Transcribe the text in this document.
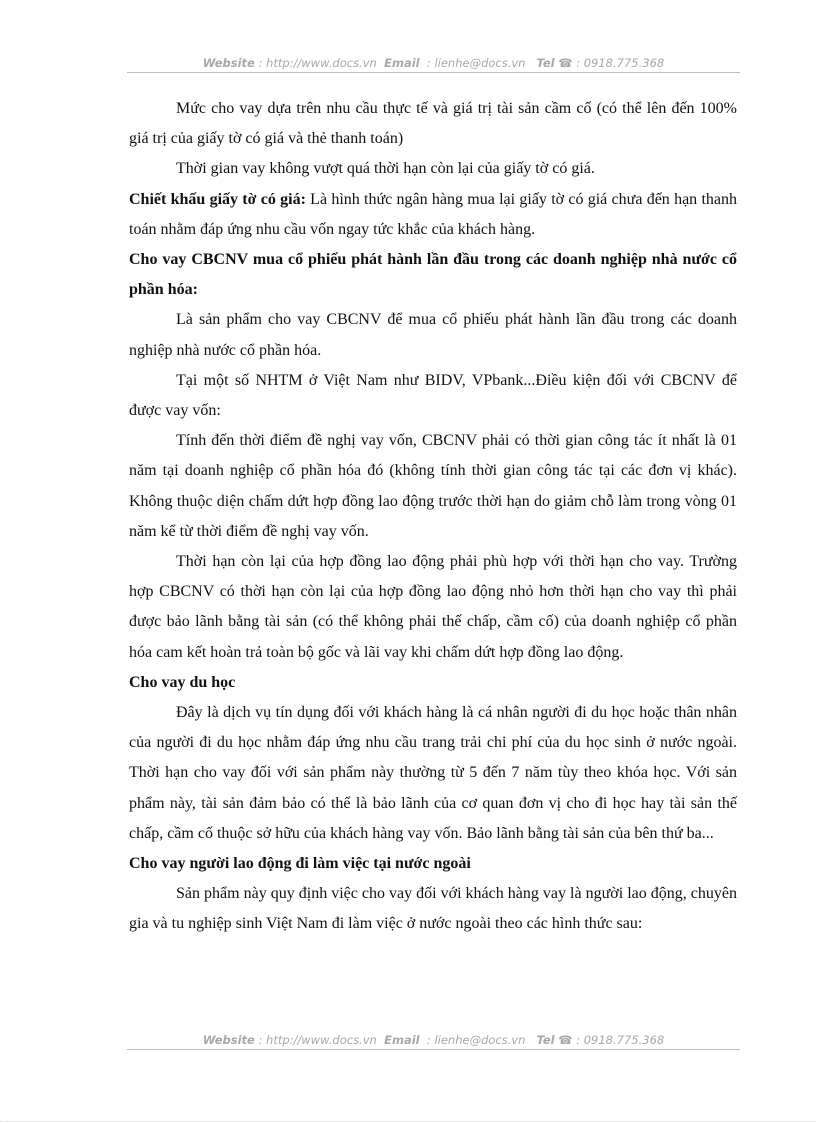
Website : http://www.docs.vn Email  : lienhe@docs.vn Tel ☎ : 0918.775.368

Mức cho vay dựa trên nhu cầu thực tế và giá trị tài sản cầm cố (có thể lên đến 100% giá trị của giấy tờ có giá và thẻ thanh toán)

Thời gian vay không vượt quá thời hạn còn lại của giấy tờ có giá.

Chiết khấu giấy tờ có giá: Là hình thức ngân hàng mua lại giấy tờ có giá chưa đến hạn thanh toán nhằm đáp ứng nhu cầu vốn ngay tức khắc của khách hàng.

Cho vay CBCNV mua cổ phiếu phát hành lần đầu trong các doanh nghiệp nhà nước cổ phần hóa:

Là sản phẩm cho vay CBCNV để mua cổ phiếu phát hành lần đầu trong các doanh nghiệp nhà nước cổ phần hóa.

Tại một số NHTM ở Việt Nam như BIDV, VPbank...Điều kiện đối với CBCNV để được vay vốn:

Tính đến thời điểm đề nghị vay vốn, CBCNV phải có thời gian công tác ít nhất là 01 năm tại doanh nghiệp cổ phần hóa đó (không tính thời gian công tác tại các đơn vị khác). Không thuộc diện chấm dứt hợp đồng lao động trước thời hạn do giảm chỗ làm trong vòng 01 năm kể từ thời điểm đề nghị vay vốn.

Thời hạn còn lại của hợp đồng lao động phải phù hợp với thời hạn cho vay. Trường hợp CBCNV có thời hạn còn lại của hợp đồng lao động nhỏ hơn thời hạn cho vay thì phải được bảo lãnh bằng tài sản (có thể không phải thế chấp, cầm cố) của doanh nghiệp cổ phần hóa cam kết hoàn trả toàn bộ gốc và lãi vay khi chấm dứt hợp đồng lao động.

Cho vay du học

Đây là dịch vụ tín dụng đối với khách hàng là cá nhân người đi du học hoặc thân nhân của người đi du học nhằm đáp ứng nhu cầu trang trải chi phí của du học sinh ở nước ngoài. Thời hạn cho vay đối với sản phẩm này thường từ 5 đến 7 năm tùy theo khóa học. Với sản phẩm này, tài sản đảm bảo có thể là bảo lãnh của cơ quan đơn vị cho đi học hay tài sản thế chấp, cầm cố thuộc sở hữu của khách hàng vay vốn. Bảo lãnh bằng tài sản của bên thứ ba...

Cho vay người lao động đi làm việc tại nước ngoài

Sản phẩm này quy định việc cho vay đối với khách hàng vay là người lao động, chuyên gia và tu nghiệp sinh Việt Nam đi làm việc ở nước ngoài theo các hình thức sau:

Website : http://www.docs.vn Email  : lienhe@docs.vn Tel ☎ : 0918.775.368
